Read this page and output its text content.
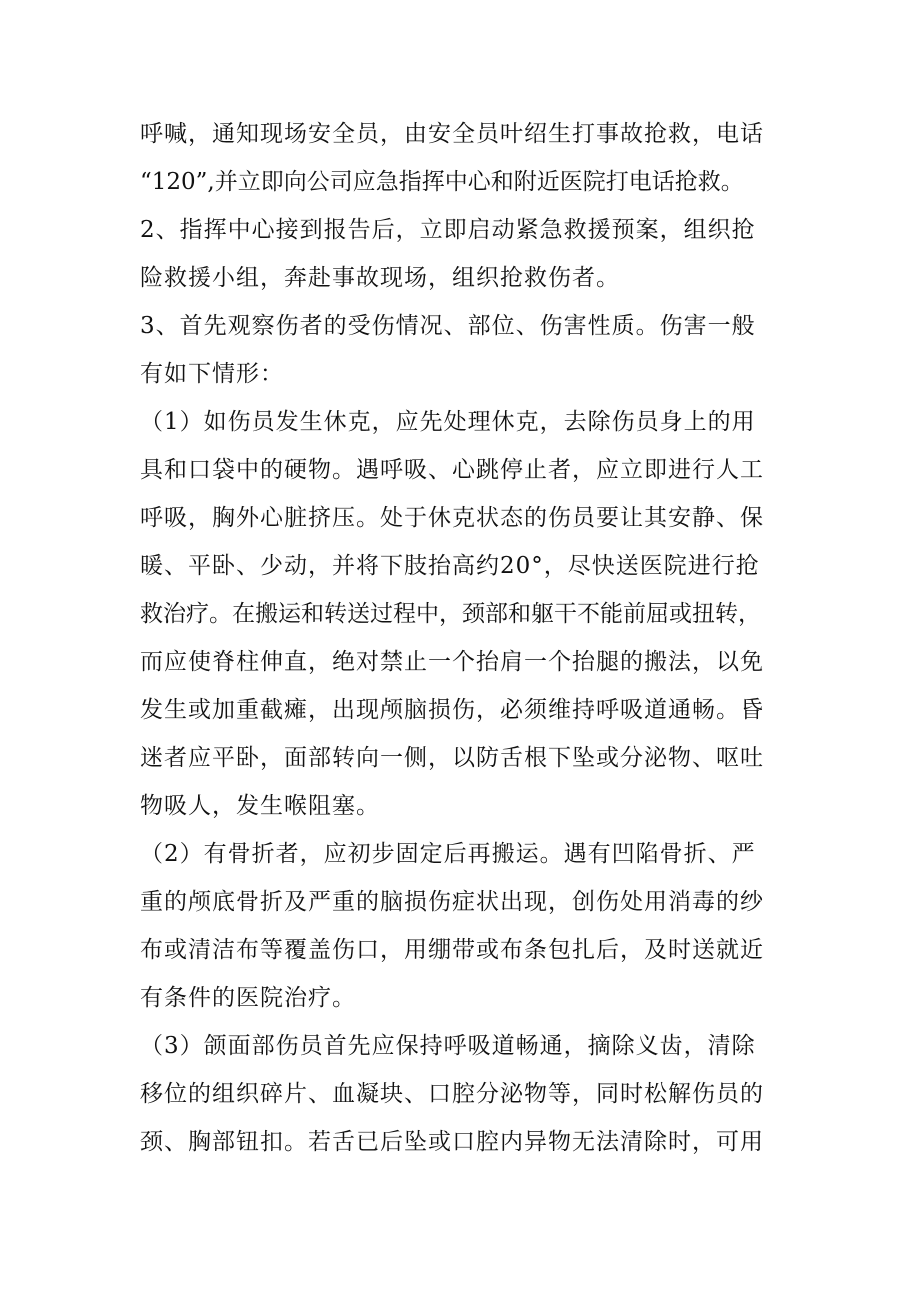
呼喊，通知现场安全员，由安全员叶绍生打事故抢救，电话
“120”,并立即向公司应急指挥中心和附近医院打电话抢救。
2、指挥中心接到报告后，立即启动紧急救援预案，组织抢
险救援小组，奔赴事故现场，组织抢救伤者。
3、首先观察伤者的受伤情况、部位、伤害性质。伤害一般
有如下情形：
（1）如伤员发生休克，应先处理休克，去除伤员身上的用
具和口袋中的硬物。遇呼吸、心跳停止者，应立即进行人工
呼吸，胸外心脏挤压。处于休克状态的伤员要让其安静、保
暖、平卧、少动，并将下肢抬高约20°，尽快送医院进行抢
救治疗。在搬运和转送过程中，颈部和躯干不能前屈或扭转，
而应使脊柱伸直，绝对禁止一个抬肩一个抬腿的搬法，以免
发生或加重截瘫，出现颅脑损伤，必须维持呼吸道通畅。昏
迷者应平卧，面部转向一侧，以防舌根下坠或分泌物、呕吐
物吸人，发生喉阻塞。
（2）有骨折者，应初步固定后再搬运。遇有凹陷骨折、严
重的颅底骨折及严重的脑损伤症状出现，创伤处用消毒的纱
布或清洁布等覆盖伤口，用绷带或布条包扎后，及时送就近
有条件的医院治疗。
（3）颌面部伤员首先应保持呼吸道畅通，摘除义齿，清除
移位的组织碎片、血凝块、口腔分泌物等，同时松解伤员的
颈、胸部钮扣。若舌已后坠或口腔内异物无法清除时，可用
